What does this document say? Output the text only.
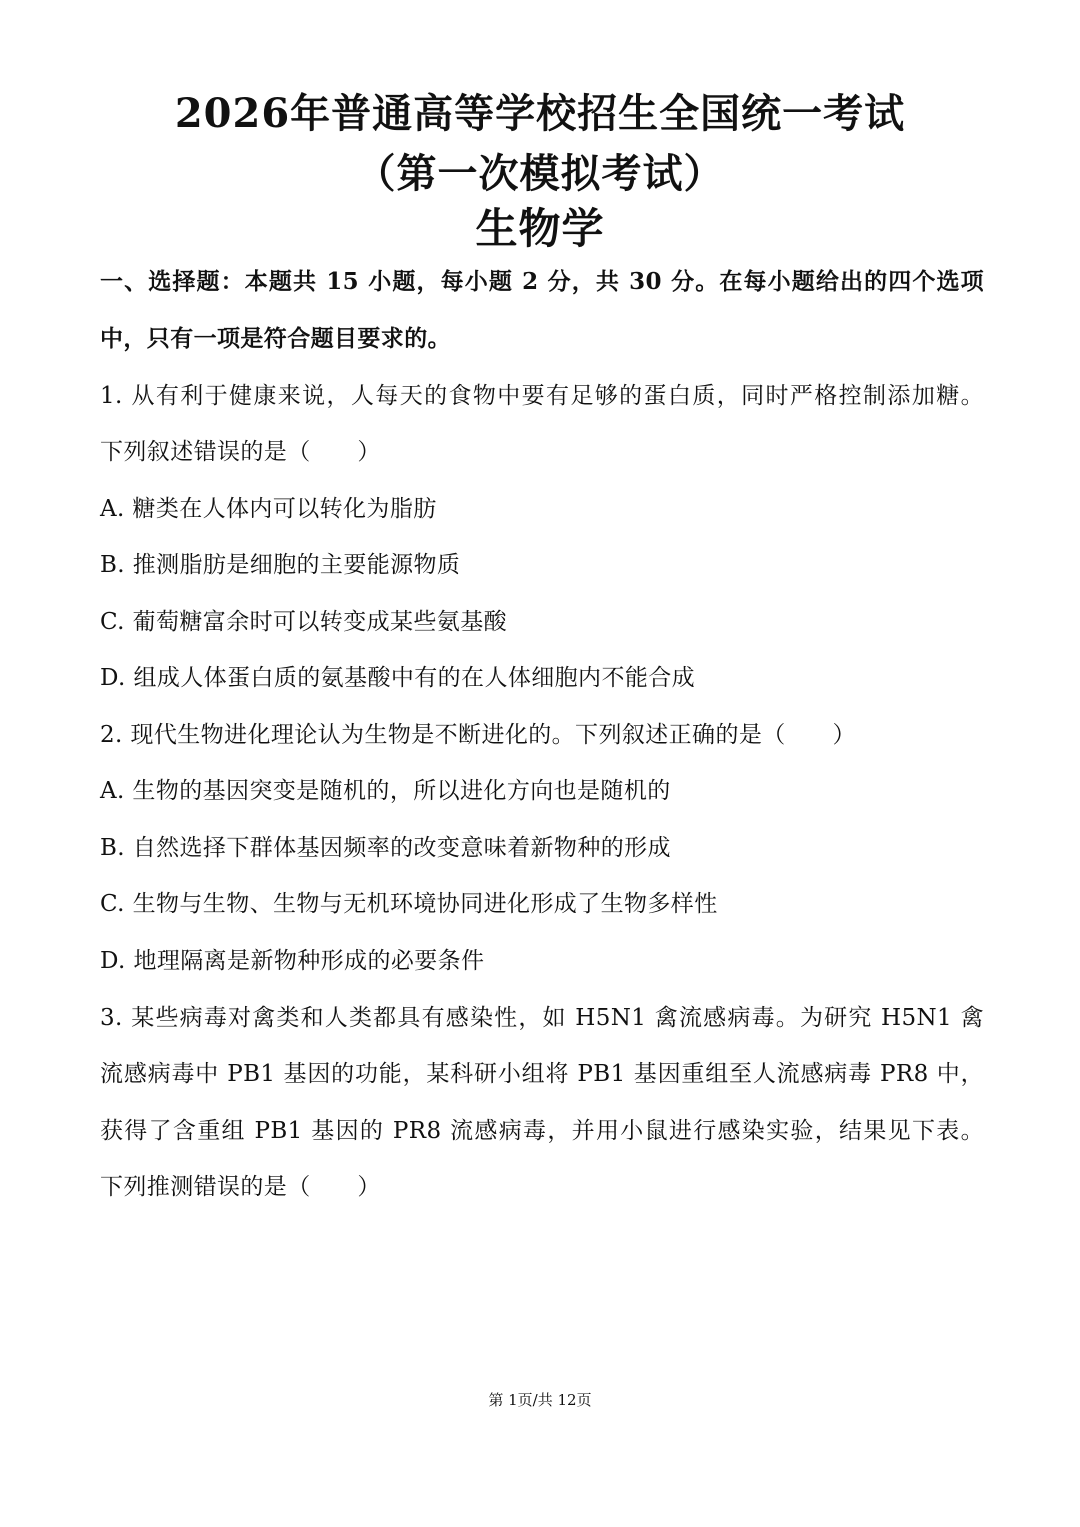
2026年普通高等学校招生全国统一考试
（第一次模拟考试）
生物学
一、选择题：本题共 15 小题，每小题 2 分，共 30 分。在每小题给出的四个选项
中，只有一项是符合题目要求的。
1. 从有利于健康来说，人每天的食物中要有足够的蛋白质，同时严格控制添加糖。
下列叙述错误的是（　　）
A. 糖类在人体内可以转化为脂肪
B. 推测脂肪是细胞的主要能源物质
C. 葡萄糖富余时可以转变成某些氨基酸
D. 组成人体蛋白质的氨基酸中有的在人体细胞内不能合成
2. 现代生物进化理论认为生物是不断进化的。下列叙述正确的是（　　）
A. 生物的基因突变是随机的，所以进化方向也是随机的
B. 自然选择下群体基因频率的改变意味着新物种的形成
C. 生物与生物、生物与无机环境协同进化形成了生物多样性
D. 地理隔离是新物种形成的必要条件
3. 某些病毒对禽类和人类都具有感染性，如 H5N1 禽流感病毒。为研究 H5N1 禽
流感病毒中 PB1 基因的功能，某科研小组将 PB1 基因重组至人流感病毒 PR8 中，
获得了含重组 PB1 基因的 PR8 流感病毒，并用小鼠进行感染实验，结果见下表。
下列推测错误的是（　　）
第 1页/共 12页
